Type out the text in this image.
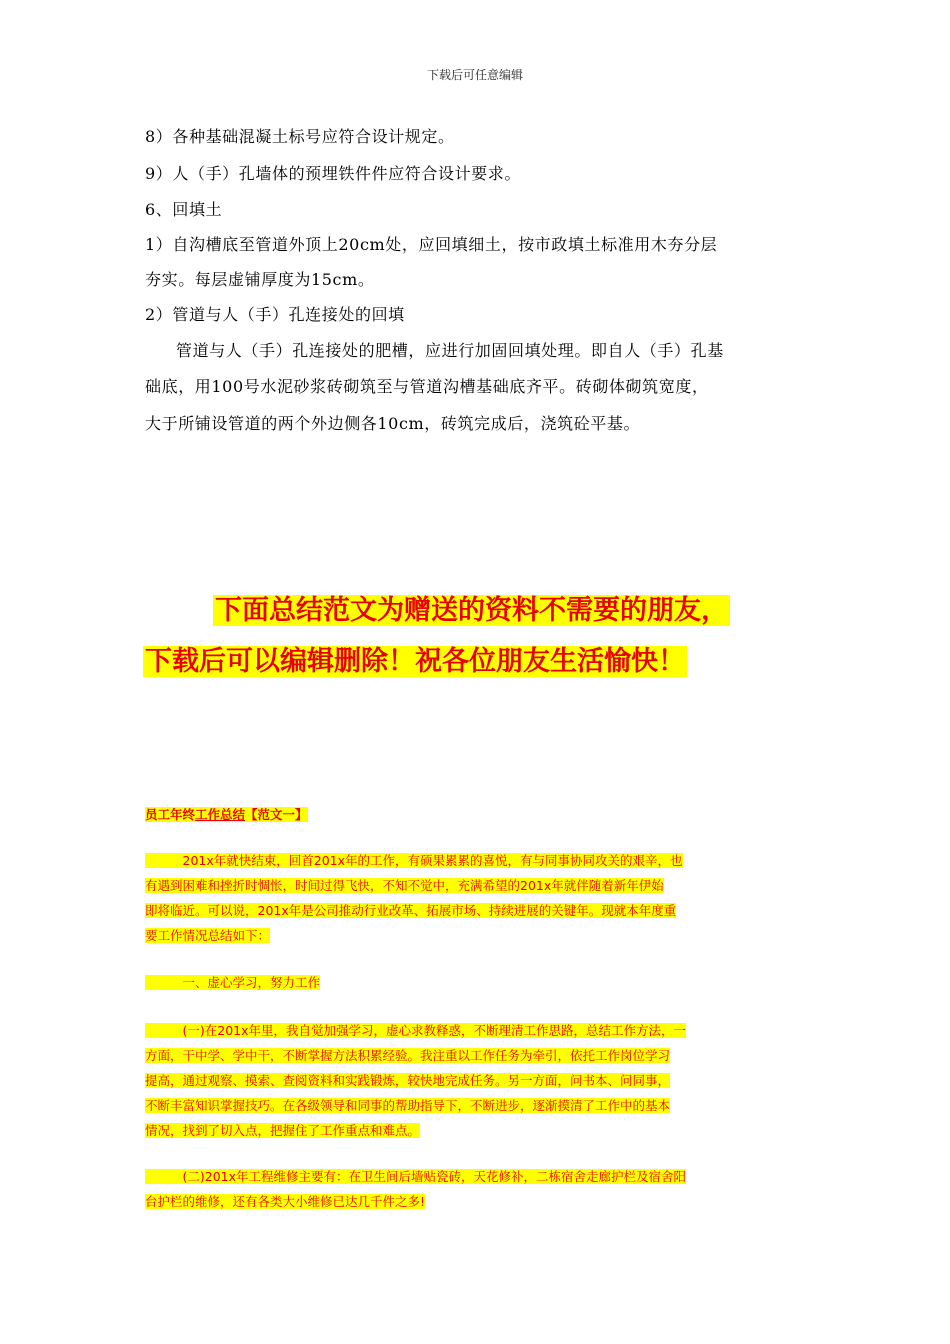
下载后可任意编辑
8）各种基础混凝土标号应符合设计规定。
9）人（手）孔墙体的预埋铁件件应符合设计要求。
6、回填土
1）自沟槽底至管道外顶上20cm处，应回填细土，按市政填土标准用木夯分层
夯实。每层虚铺厚度为15cm。
2）管道与人（手）孔连接处的回填
管道与人（手）孔连接处的肥槽，应进行加固回填处理。即自人（手）孔基
础底，用100号水泥砂浆砖砌筑至与管道沟槽基础底齐平。砖砌体砌筑宽度，
大于所铺设管道的两个外边侧各10cm，砖筑完成后，浇筑砼平基。
下面总结范文为赠送的资料不需要的朋友，
下载后可以编辑删除！祝各位朋友生活愉快！
员工年终工作总结【范文一】
　　　201x年就快结束，回首201x年的工作，有硕果累累的喜悦，有与同事协同攻关的艰辛，也
有遇到困难和挫折时惆怅，时间过得飞快，不知不觉中，充满希望的201x年就伴随着新年伊始
即将临近。可以说，201x年是公司推动行业改革、拓展市场、持续进展的关键年。现就本年度重
要工作情况总结如下：
　　　一、虚心学习，努力工作
　　　(一)在201x年里，我自觉加强学习，虚心求教释惑，不断理清工作思路，总结工作方法，一
方面，干中学、学中干，不断掌握方法积累经验。我注重以工作任务为牵引，依托工作岗位学习
提高，通过观察、摸索、查阅资料和实践锻炼，较快地完成任务。另一方面，问书本、问同事，
不断丰富知识掌握技巧。在各级领导和同事的帮助指导下，不断进步，逐渐摸清了工作中的基本
情况，找到了切入点，把握住了工作重点和难点。
　　　(二)201x年工程维修主要有：在卫生间后墙贴瓷砖，天花修补，二栋宿舍走廊护栏及宿舍阳
台护栏的维修，还有各类大小维修已达几千件之多!
